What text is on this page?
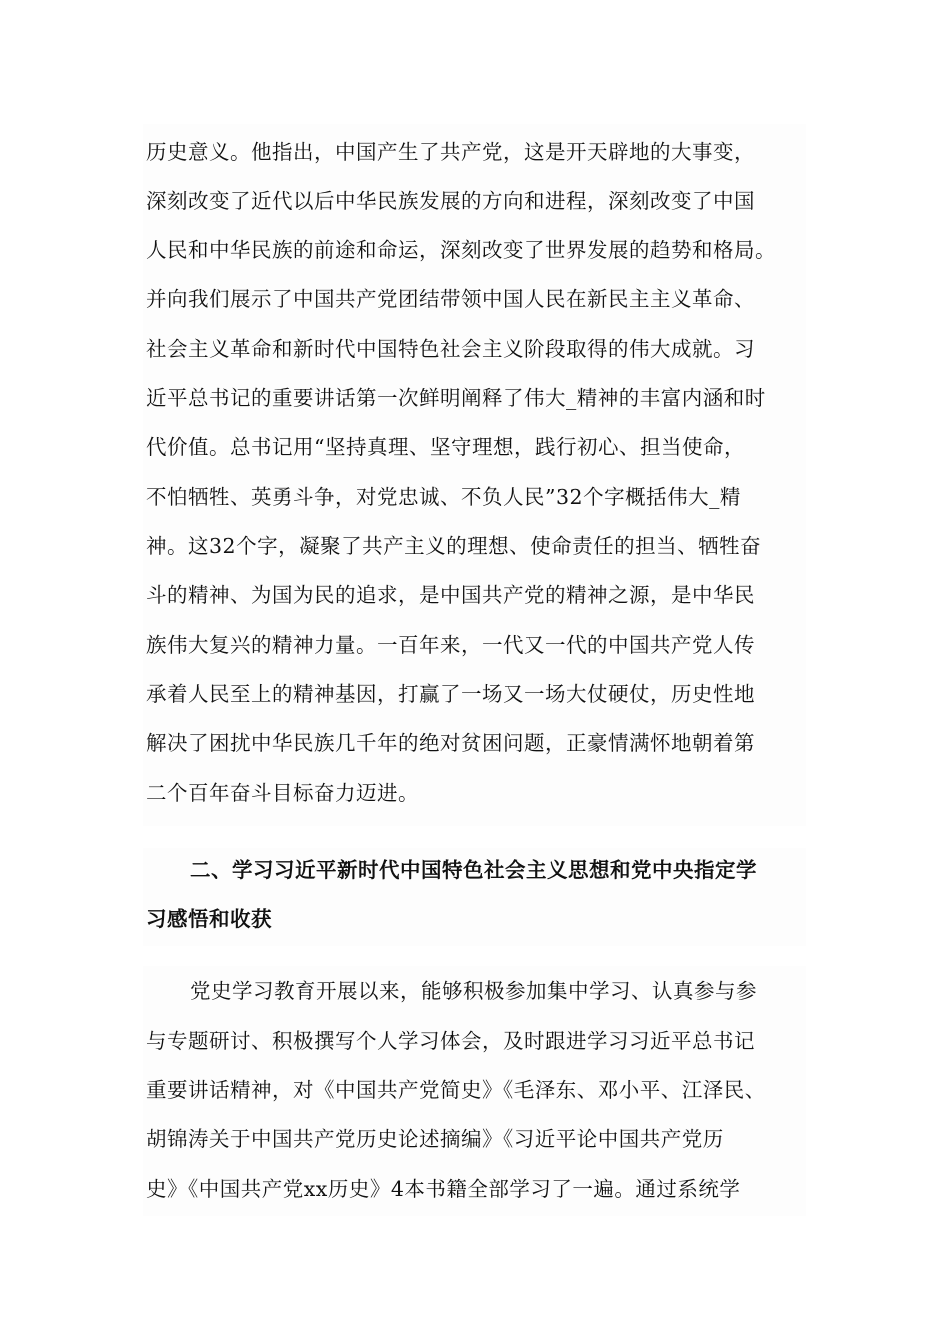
历史意义。他指出，中国产生了共产党，这是开天辟地的大事变，
深刻改变了近代以后中华民族发展的方向和进程，深刻改变了中国
人民和中华民族的前途和命运，深刻改变了世界发展的趋势和格局。
并向我们展示了中国共产党团结带领中国人民在新民主主义革命、
社会主义革命和新时代中国特色社会主义阶段取得的伟大成就。习
近平总书记的重要讲话第一次鲜明阐释了伟大_精神的丰富内涵和时
代价值。总书记用“坚持真理、坚守理想，践行初心、担当使命，
不怕牺牲、英勇斗争，对党忠诚、不负人民”32个字概括伟大_精
神。这32个字，凝聚了共产主义的理想、使命责任的担当、牺牲奋
斗的精神、为国为民的追求，是中国共产党的精神之源，是中华民
族伟大复兴的精神力量。一百年来，一代又一代的中国共产党人传
承着人民至上的精神基因，打赢了一场又一场大仗硬仗，历史性地
解决了困扰中华民族几千年的绝对贫困问题，正豪情满怀地朝着第
二个百年奋斗目标奋力迈进。
二、学习习近平新时代中国特色社会主义思想和党中央指定学
习感悟和收获
党史学习教育开展以来，能够积极参加集中学习、认真参与参
与专题研讨、积极撰写个人学习体会，及时跟进学习习近平总书记
重要讲话精神，对《中国共产党简史》《毛泽东、邓小平、江泽民、
胡锦涛关于中国共产党历史论述摘编》《习近平论中国共产党历
史》《中国共产党xx历史》4本书籍全部学习了一遍。通过系统学
